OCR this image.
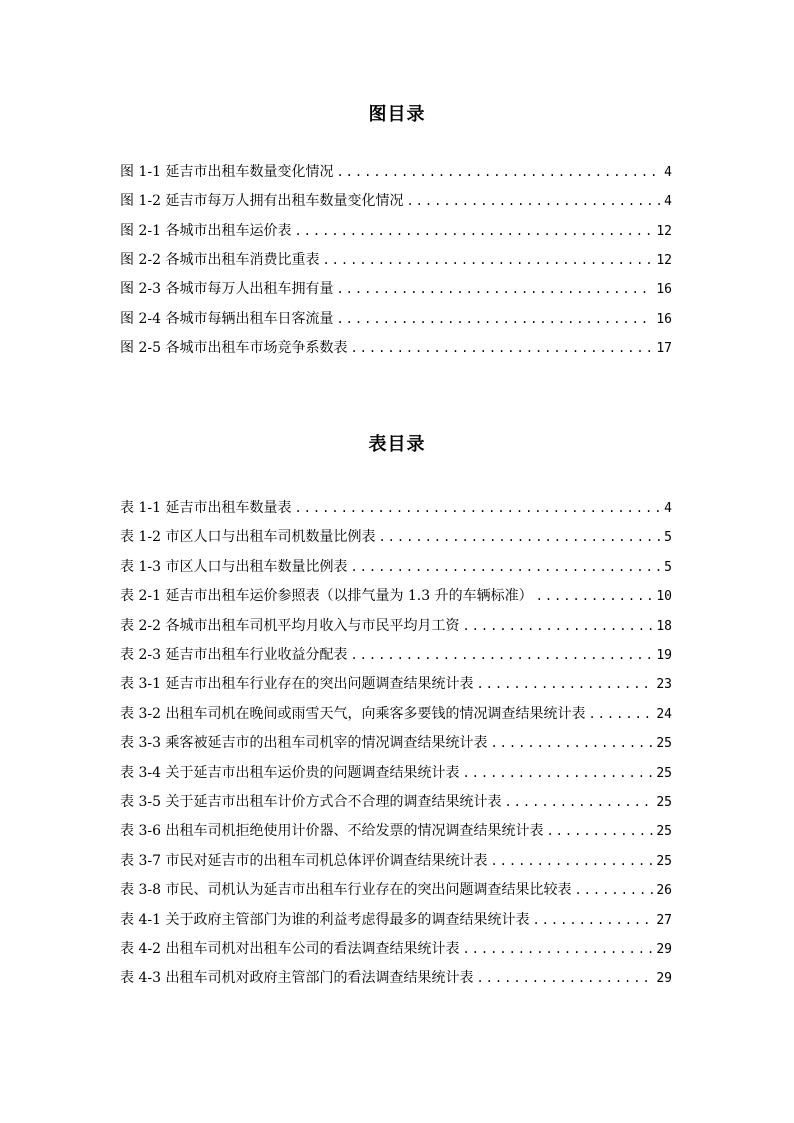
图目录
图 1-1 延吉市出租车数量变化情况 .....	4
图 1-2 延吉市每万人拥有出租车数量变化情况 .....	4
图 2-1 各城市出租车运价表 .....	12
图 2-2 各城市出租车消费比重表 .....	12
图 2-3 各城市每万人出租车拥有量 .....	16
图 2-4 各城市每辆出租车日客流量 .....	16
图 2-5 各城市出租车市场竞争系数表 .....	17
表目录
表 1-1 延吉市出租车数量表 .....	4
表 1-2 市区人口与出租车司机数量比例表 .....	5
表 1-3 市区人口与出租车数量比例表 .....	5
表 2-1 延吉市出租车运价参照表（以排气量为 1.3 升的车辆标准） .....	10
表 2-2 各城市出租车司机平均月收入与市民平均月工资 .....	18
表 2-3 延吉市出租车行业收益分配表 .....	19
表 3-1 延吉市出租车行业存在的突出问题调查结果统计表 .....	23
表 3-2 出租车司机在晚间或雨雪天气，向乘客多要钱的情况调查结果统计表 .....	24
表 3-3 乘客被延吉市的出租车司机宰的情况调查结果统计表 .....	25
表 3-4 关于延吉市出租车运价贵的问题调查结果统计表 .....	25
表 3-5 关于延吉市出租车计价方式合不合理的调查结果统计表 .....	25
表 3-6 出租车司机拒绝使用计价器、不给发票的情况调查结果统计表 .....	25
表 3-7 市民对延吉市的出租车司机总体评价调查结果统计表 .....	25
表 3-8 市民、司机认为延吉市出租车行业存在的突出问题调查结果比较表 .....	26
表 4-1 关于政府主管部门为谁的利益考虑得最多的调查结果统计表 .....	27
表 4-2 出租车司机对出租车公司的看法调查结果统计表 .....	29
表 4-3 出租车司机对政府主管部门的看法调查结果统计表 .....	29
